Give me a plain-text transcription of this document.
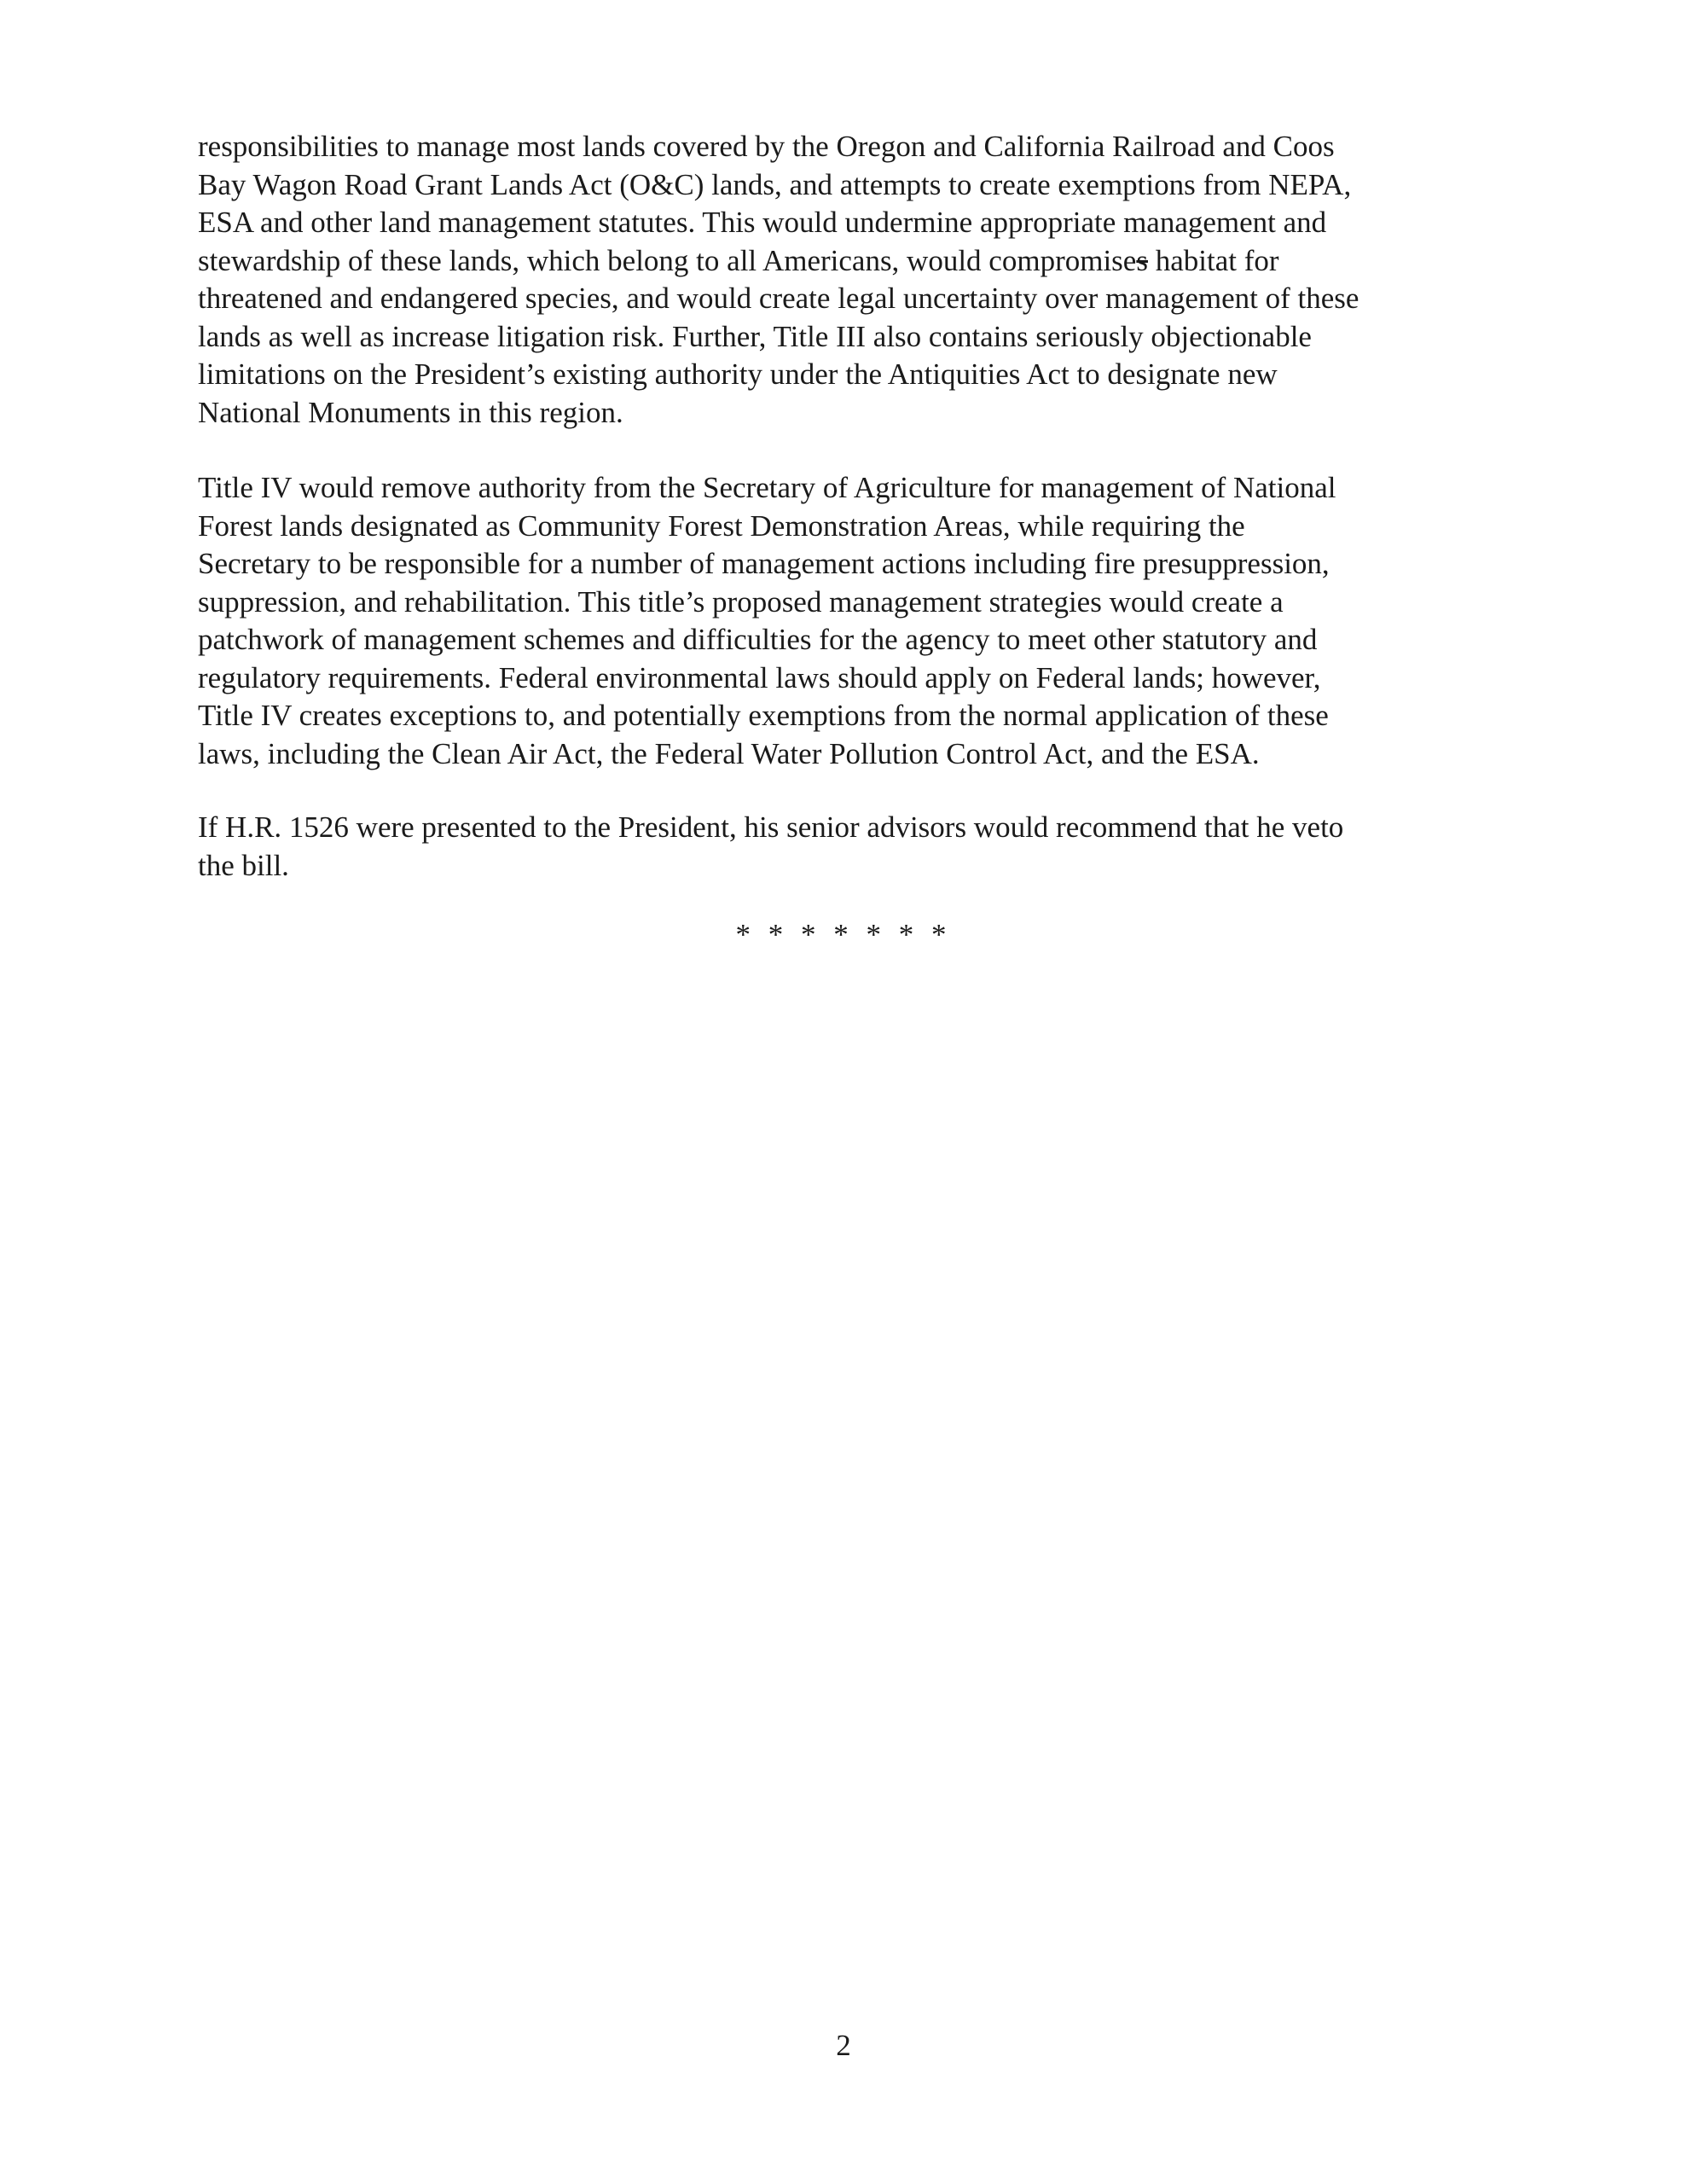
responsibilities to manage most lands covered by the Oregon and California Railroad and Coos
Bay Wagon Road Grant Lands Act (O&C) lands, and attempts to create exemptions from NEPA,
ESA and other land management statutes. This would undermine appropriate management and
stewardship of these lands, which belong to all Americans, would compromises habitat for
threatened and endangered species, and would create legal uncertainty over management of these
lands as well as increase litigation risk. Further, Title III also contains seriously objectionable
limitations on the President’s existing authority under the Antiquities Act to designate new
National Monuments in this region.

Title IV would remove authority from the Secretary of Agriculture for management of National
Forest lands designated as Community Forest Demonstration Areas, while requiring the
Secretary to be responsible for a number of management actions including fire presuppression,
suppression, and rehabilitation. This title’s proposed management strategies would create a
patchwork of management schemes and difficulties for the agency to meet other statutory and
regulatory requirements. Federal environmental laws should apply on Federal lands; however,
Title IV creates exceptions to, and potentially exemptions from the normal application of these
laws, including the Clean Air Act, the Federal Water Pollution Control Act, and the ESA.

If H.R. 1526 were presented to the President, his senior advisors would recommend that he veto
the bill.

* * * * * * *

2
